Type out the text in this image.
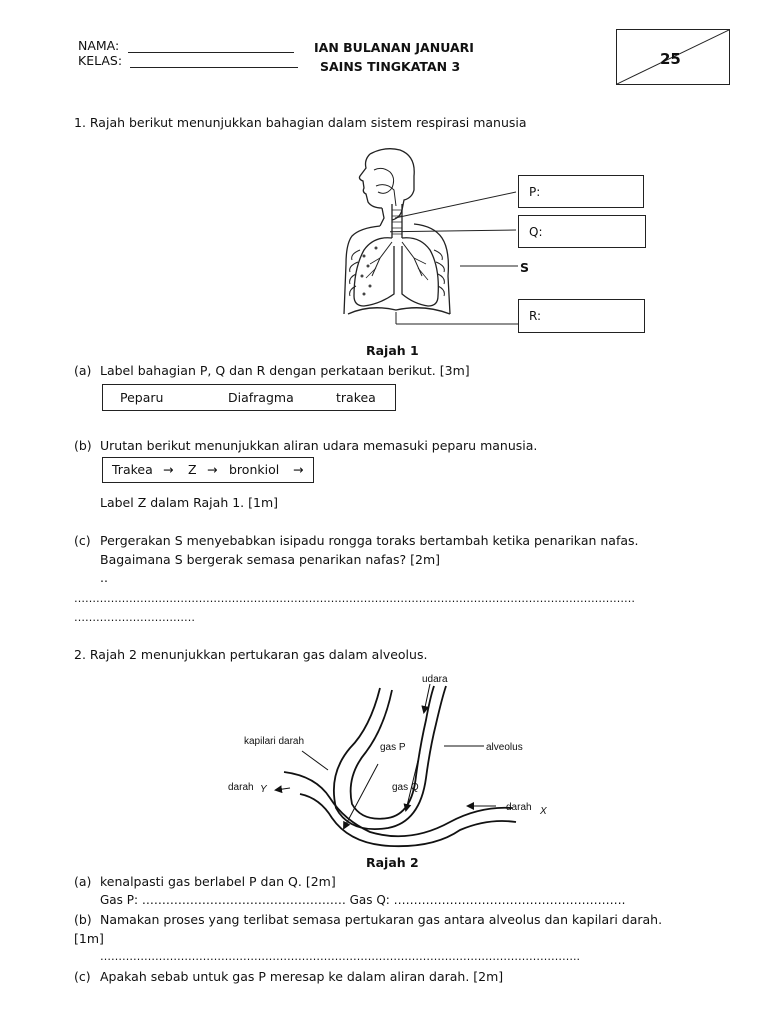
NAMA:
KELAS:
IAN BULANAN JANUARI
SAINS TINGKATAN 3	25
1. Rajah berikut menunjukkan bahagian dalam sistem respirasi manusia
P:
Q:
S
R:
Rajah 1
(a) Label bahagian P, Q dan R dengan perkataan berikut. [3m]
Peparu	Diafragma	trakea
(b) Urutan berikut menunjukkan aliran udara memasuki peparu manusia.
Trakea → Z → bronkiol →
Label Z dalam Rajah 1. [1m]
(c) Pergerakan S menyebabkan isipadu rongga toraks bertambah ketika penarikan nafas.
Bagaimana S bergerak semasa penarikan nafas? [2m]
..
………………………………………………………………………………………………………………………………………
……………………………
2. Rajah 2 menunjukkan pertukaran gas dalam alveolus.
udara
kapilari darah
gas P	alveolus
gas Q
darah Y
darah X
Rajah 2
(a) kenalpasti gas berlabel P dan Q. [2m]
Gas P: …………………………………………… Gas Q: ………………………………………………….
(b) Namakan proses yang terlibat semasa pertukaran gas antara alveolus dan kapilari darah.
[1m]
…………………………………………………………………………………………………………………..
(c) Apakah sebab untuk gas P meresap ke dalam aliran darah. [2m]
